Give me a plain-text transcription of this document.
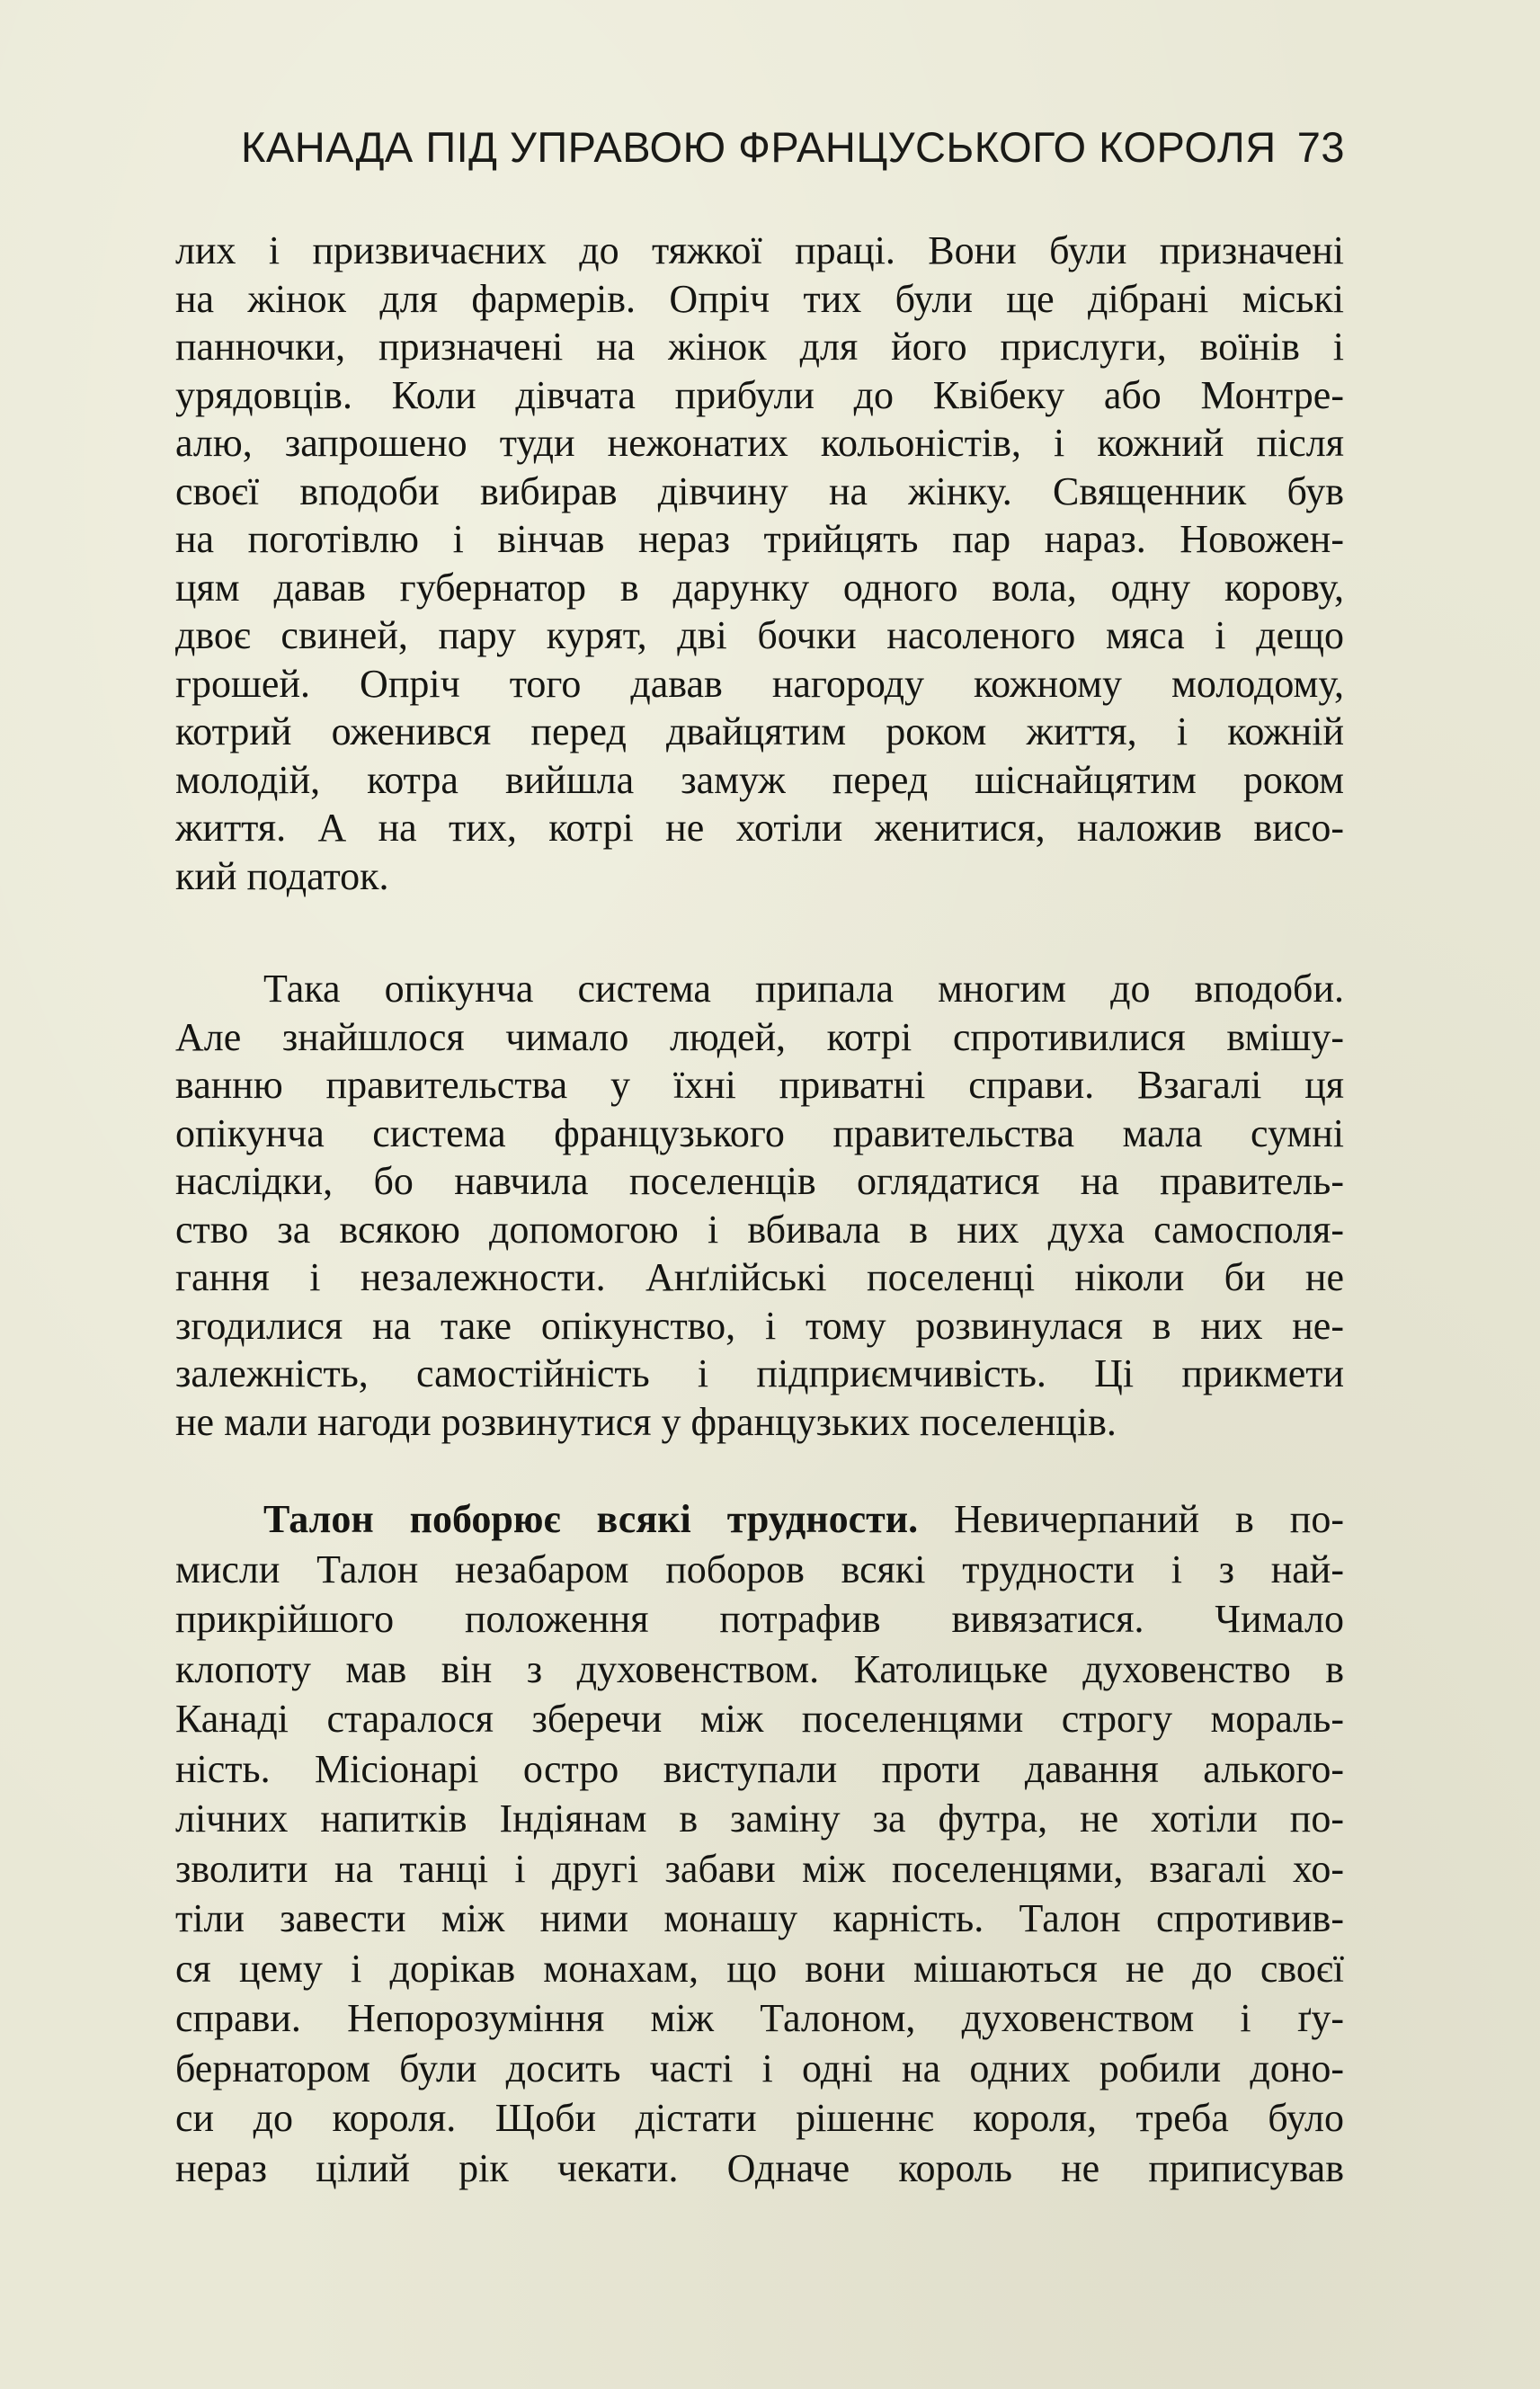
КАНАДА ПІД УПРАВОЮ ФРАНЦУСЬКОГО КОРОЛЯ 73
лих і призвичаєних до тяжкої праці. Вони були призначені
на жінок для фармерів. Опріч тих були ще дібрані міські
панночки, призначені на жінок для його прислуги, воїнів і
урядовців. Коли дівчата прибули до Квібеку або Монтре-
алю, запрошено туди нежонатих кольоністів, і кожний після
своєї вподоби вибирав дівчину на жінку. Священник був
на поготівлю і вінчав нераз трийцять пар нараз. Новожен-
цям давав губернатор в дарунку одного вола, одну корову,
двоє свиней, пару курят, дві бочки насоленого мяса і дещо
грошей. Опріч того давав нагороду кожному молодому,
котрий оженився перед двайцятим роком життя, і кожній
молодій, котра вийшла замуж перед шіснайцятим роком
життя. А на тих, котрі не хотіли женитися, наложив висо-
кий податок.
Така опікунча система припала многим до вподоби.
Але знайшлося чимало людей, котрі спротивилися вмішу-
ванню правительства у їхні приватні справи. Взагалі ця
опікунча система французького правительства мала сумні
наслідки, бо навчила поселенців оглядатися на правитель-
ство за всякою допомогою і вбивала в них духа самосполя-
гання і незалежности. Анґлійські поселенці ніколи би не
згодилися на таке опікунство, і тому розвинулася в них не-
залежність, самостійність і підприємчивість. Ці прикмети
не мали нагоди розвинутися у французьких поселенців.
Талон поборює всякі трудности. Невичерпаний в по-
мисли Талон незабаром поборов всякі трудности і з най-
прикрійшого положення потрафив вивязатися. Чимало
клопоту мав він з духовенством. Католицьке духовенство в
Канаді старалося зберечи між поселенцями строгу мораль-
ність. Місіонарі остро виступали проти давання алького-
лічних напитків Індіянам в заміну за футра, не хотіли по-
зволити на танці і другі забави між поселенцями, взагалі хо-
тіли завести між ними монашу карність. Талон спротивив-
ся цему і дорікав монахам, що вони мішаються не до своєї
справи. Непорозуміння між Талоном, духовенством і ґу-
бернатором були досить часті і одні на одних робили доно-
си до короля. Щоби дістати рішеннє короля, треба було
нераз цілий рік чекати. Одначе король не приписував
